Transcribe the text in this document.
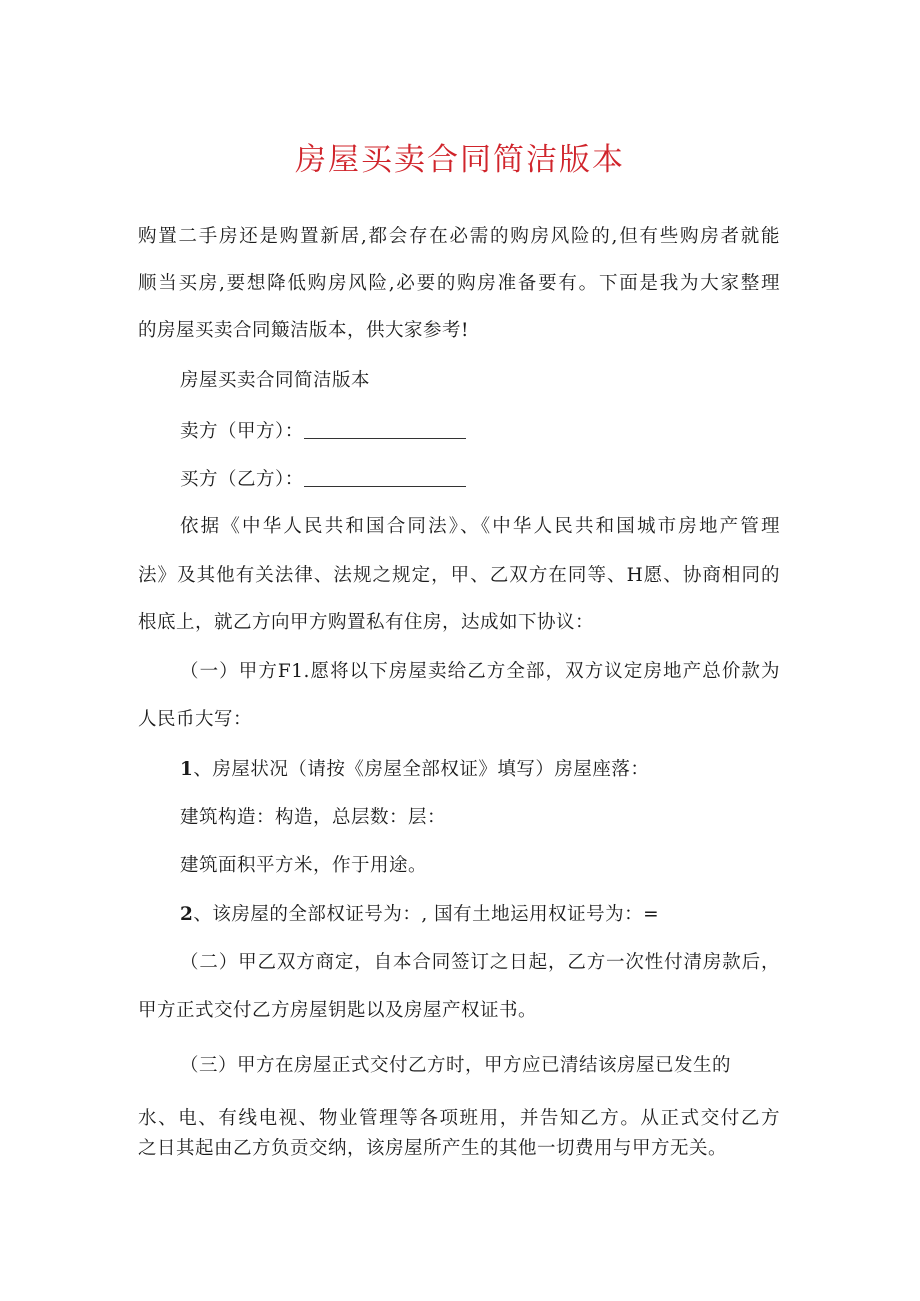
房屋买卖合同简洁版本
购置二手房还是购置新居,都会存在必需的购房风险的,但有些购房者就能
顺当买房,要想降低购房风险,必要的购房准备要有。下面是我为大家整理
的房屋买卖合同簸洁版本，供大家参考!
房屋买卖合同简洁版本
卖方（甲方）：
买方（乙方）：
依据《中华人民共和国合同法》、《中华人民共和国城市房地产管理
法》及其他有关法律、法规之规定，甲、乙双方在同等、H愿、协商相同的
根底上，就乙方向甲方购置私有住房，达成如下协议：
（一）甲方F1.愿将以下房屋卖给乙方全部，双方议定房地产总价款为
人民币大写：
1、房屋状况（请按《房屋全部权证》填写）房屋座落：
建筑构造：构造，总层数：层：
建筑面积平方米，作于用途。
2、该房屋的全部权证号为：, 国有土地运用权证号为：=
（二）甲乙双方商定，自本合同签订之日起，乙方一次性付清房款后，
甲方正式交付乙方房屋钥匙以及房屋产权证书。
（三）甲方在房屋正式交付乙方时，甲方应已清结该房屋已发生的
水、电、有线电视、物业管理等各项班用，并告知乙方。从正式交付乙方
之日其起由乙方负贡交纳，该房屋所产生的其他一切费用与甲方无关。
